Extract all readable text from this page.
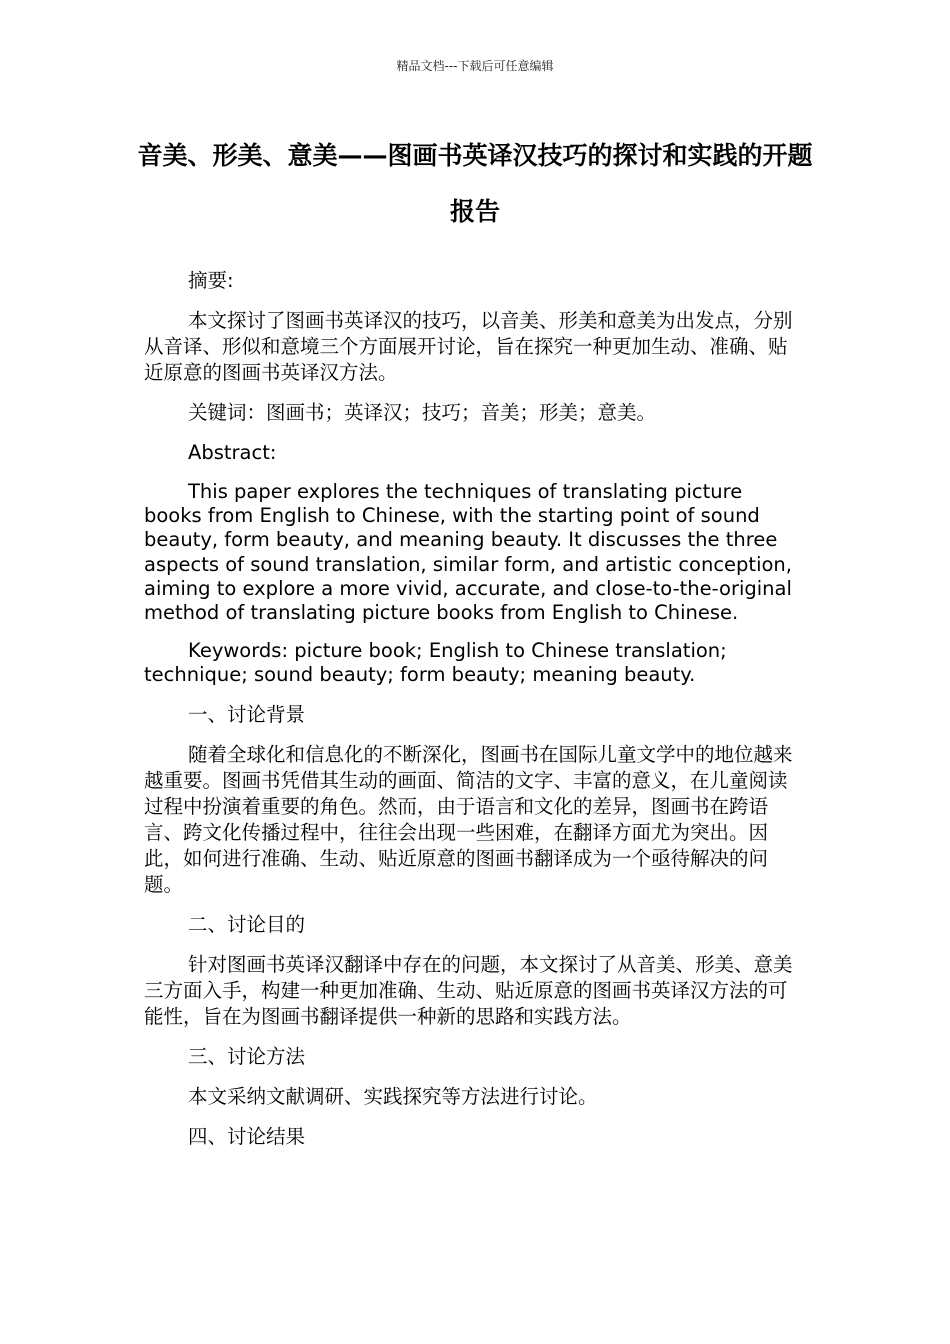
精品文档---下载后可任意编辑
音美、形美、意美——图画书英译汉技巧的探讨和实践的开题报告

摘要:

本文探讨了图画书英译汉的技巧，以音美、形美和意美为出发点，分别从音译、形似和意境三个方面展开讨论，旨在探究一种更加生动、准确、贴近原意的图画书英译汉方法。

关键词：图画书；英译汉；技巧；音美；形美；意美。

Abstract:

This paper explores the techniques of translating picture books from English to Chinese, with the starting point of sound beauty, form beauty, and meaning beauty. It discusses the three aspects of sound translation, similar form, and artistic conception, aiming to explore a more vivid, accurate, and close-to-the-original method of translating picture books from English to Chinese.

Keywords: picture book; English to Chinese translation; technique; sound beauty; form beauty; meaning beauty.

一、讨论背景

随着全球化和信息化的不断深化，图画书在国际儿童文学中的地位越来越重要。图画书凭借其生动的画面、简洁的文字、丰富的意义，在儿童阅读过程中扮演着重要的角色。然而，由于语言和文化的差异，图画书在跨语言、跨文化传播过程中，往往会出现一些困难，在翻译方面尤为突出。因此，如何进行准确、生动、贴近原意的图画书翻译成为一个亟待解决的问题。

二、讨论目的

针对图画书英译汉翻译中存在的问题，本文探讨了从音美、形美、意美三方面入手，构建一种更加准确、生动、贴近原意的图画书英译汉方法的可能性，旨在为图画书翻译提供一种新的思路和实践方法。

三、讨论方法

本文采纳文献调研、实践探究等方法进行讨论。

四、讨论结果
